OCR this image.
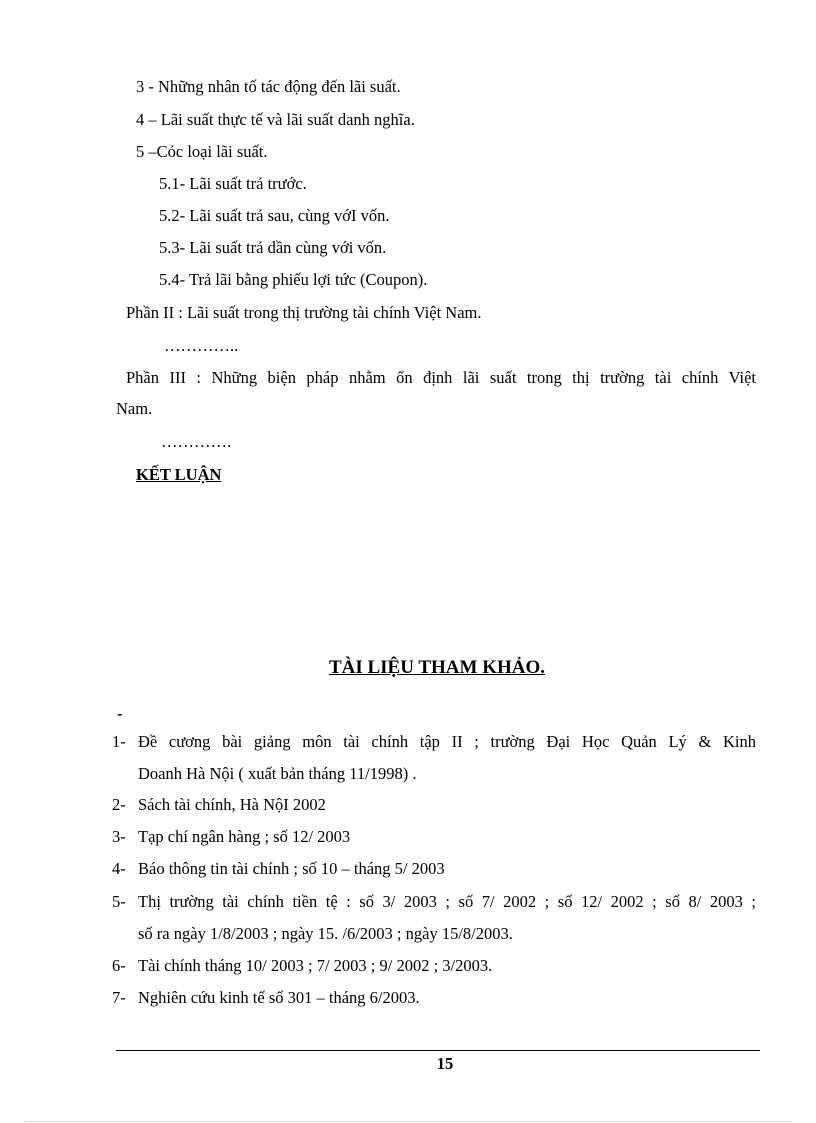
3 - Những nhân tố tác động đến lãi suất.
4 – Lãi suất thực tế và lãi suất danh nghĩa.
5 –Cỏc loại lãi suất.
5.1- Lãi suất trả trước.
5.2- Lãi suất trả sau, cùng vớI vốn.
5.3- Lãi suất trả dần cùng với vốn.
5.4- Trả lãi bằng phiếu lợi tức (Coupon).
Phần II : Lãi suất trong thị trường tài chính Việt Nam.
…………..
Phần III : Những biện pháp nhằm ổn định lãi suất trong thị trường tài chính Việt
Nam.
………….
KẾT LUẬN
TÀI LIỆU THAM KHẢO.
-
1- Đề cương bài giảng môn tài chính tập II ; trường Đại Học Quản Lý & Kinh
Doanh Hà Nội ( xuất bản tháng 11/1998) .
2- Sách tài chính, Hà NộI 2002
3- Tạp chí ngân hàng ; số 12/ 2003
4- Báo thông tin tài chính ; số 10 – tháng 5/ 2003
5- Thị trường tài chính tiền tệ : số 3/ 2003 ; số 7/ 2002 ; số 12/ 2002 ; số 8/ 2003 ;
số ra ngày 1/8/2003 ; ngày 15. /6/2003 ; ngày 15/8/2003.
6- Tài chính tháng 10/ 2003 ; 7/ 2003 ; 9/ 2002 ; 3/2003.
7- Nghiên cứu kinh tế số 301 – tháng 6/2003.
15
